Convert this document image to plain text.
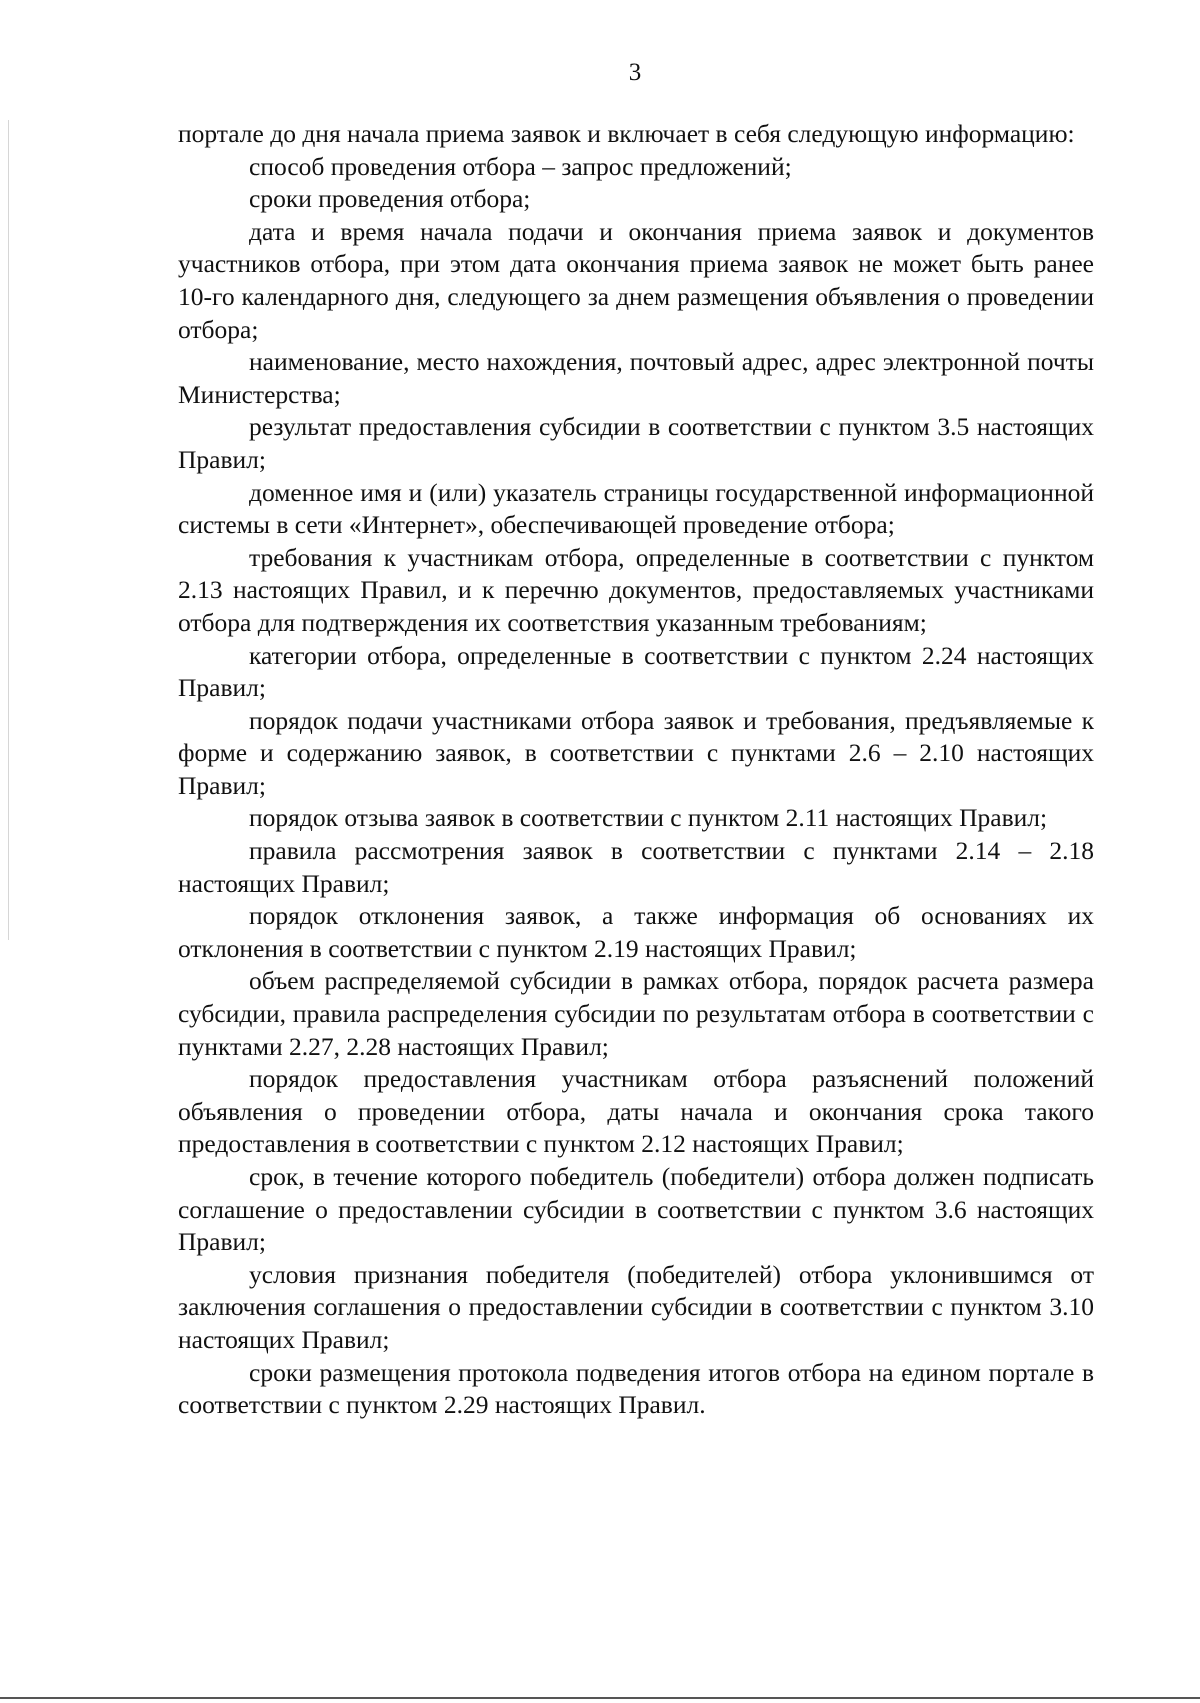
3

портале до дня начала приема заявок и включает в себя следующую информацию:

способ проведения отбора – запрос предложений;

сроки проведения отбора;

дата и время начала подачи и окончания приема заявок и документов участников отбора, при этом дата окончания приема заявок не может быть ранее 10-го календарного дня, следующего за днем размещения объявления о проведении отбора;

наименование, место нахождения, почтовый адрес, адрес электронной почты Министерства;

результат предоставления субсидии в соответствии с пунктом 3.5 настоящих Правил;

доменное имя и (или) указатель страницы государственной информационной системы в сети «Интернет», обеспечивающей проведение отбора;

требования к участникам отбора, определенные в соответствии с пунктом 2.13 настоящих Правил, и к перечню документов, предоставляемых участниками отбора для подтверждения их соответствия указанным требованиям;

категории отбора, определенные в соответствии с пунктом 2.24 настоящих Правил;

порядок подачи участниками отбора заявок и требования, предъявляемые к форме и содержанию заявок, в соответствии с пунктами 2.6 – 2.10 настоящих Правил;

порядок отзыва заявок в соответствии с пунктом 2.11 настоящих Правил;

правила рассмотрения заявок в соответствии с пунктами 2.14 – 2.18 настоящих Правил;

порядок отклонения заявок, а также информация об основаниях их отклонения в соответствии с пунктом 2.19 настоящих Правил;

объем распределяемой субсидии в рамках отбора, порядок расчета размера субсидии, правила распределения субсидии по результатам отбора в соответствии с пунктами 2.27, 2.28 настоящих Правил;

порядок предоставления участникам отбора разъяснений положений объявления о проведении отбора, даты начала и окончания срока такого предоставления в соответствии с пунктом 2.12 настоящих Правил;

срок, в течение которого победитель (победители) отбора должен подписать соглашение о предоставлении субсидии в соответствии с пунктом 3.6 настоящих Правил;

условия признания победителя (победителей) отбора уклонившимся от заключения соглашения о предоставлении субсидии в соответствии с пунктом 3.10 настоящих Правил;

сроки размещения протокола подведения итогов отбора на едином портале в соответствии с пунктом 2.29 настоящих Правил.
